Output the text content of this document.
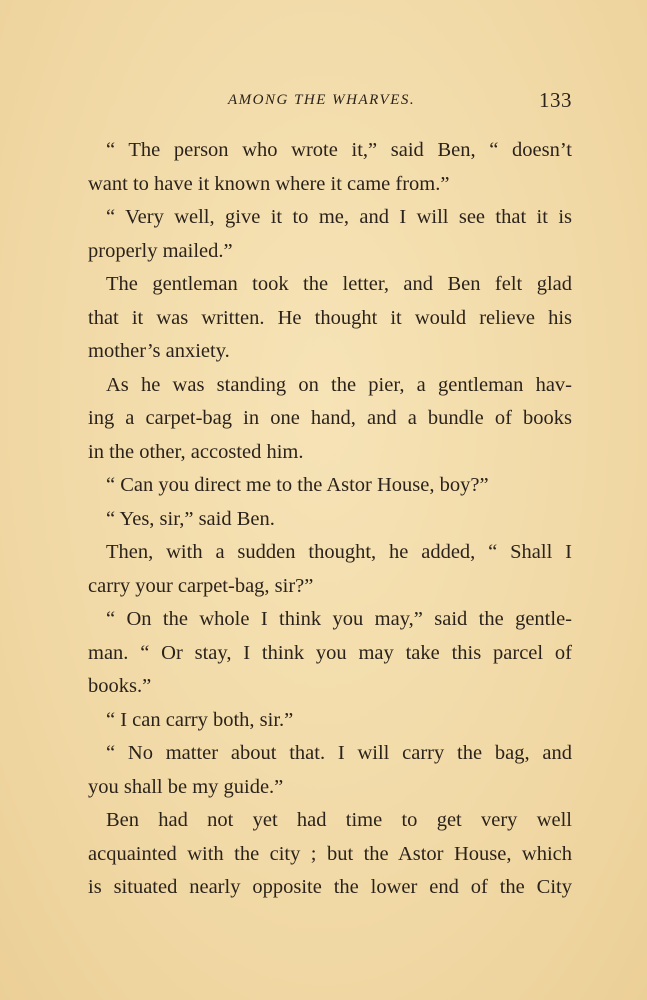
AMONG THE WHARVES.	133
“ The person who wrote it,” said Ben, “ doesn’t
want to have it known where it came from.”
“ Very well, give it to me, and I will see that it is
properly mailed.”
The gentleman took the letter, and Ben felt glad
that it was written. He thought it would relieve his
mother’s anxiety.
As he was standing on the pier, a gentleman hav-
ing a carpet-bag in one hand, and a bundle of books
in the other, accosted him.
“ Can you direct me to the Astor House, boy?”
“ Yes, sir,” said Ben.
Then, with a sudden thought, he added, “ Shall I
carry your carpet-bag, sir?”
“ On the whole I think you may,” said the gentle-
man. “ Or stay, I think you may take this parcel of
books.”
“ I can carry both, sir.”
“ No matter about that. I will carry the bag, and
you shall be my guide.”
Ben had not yet had time to get very well
acquainted with the city ; but the Astor House, which
is situated nearly opposite the lower end of the City
